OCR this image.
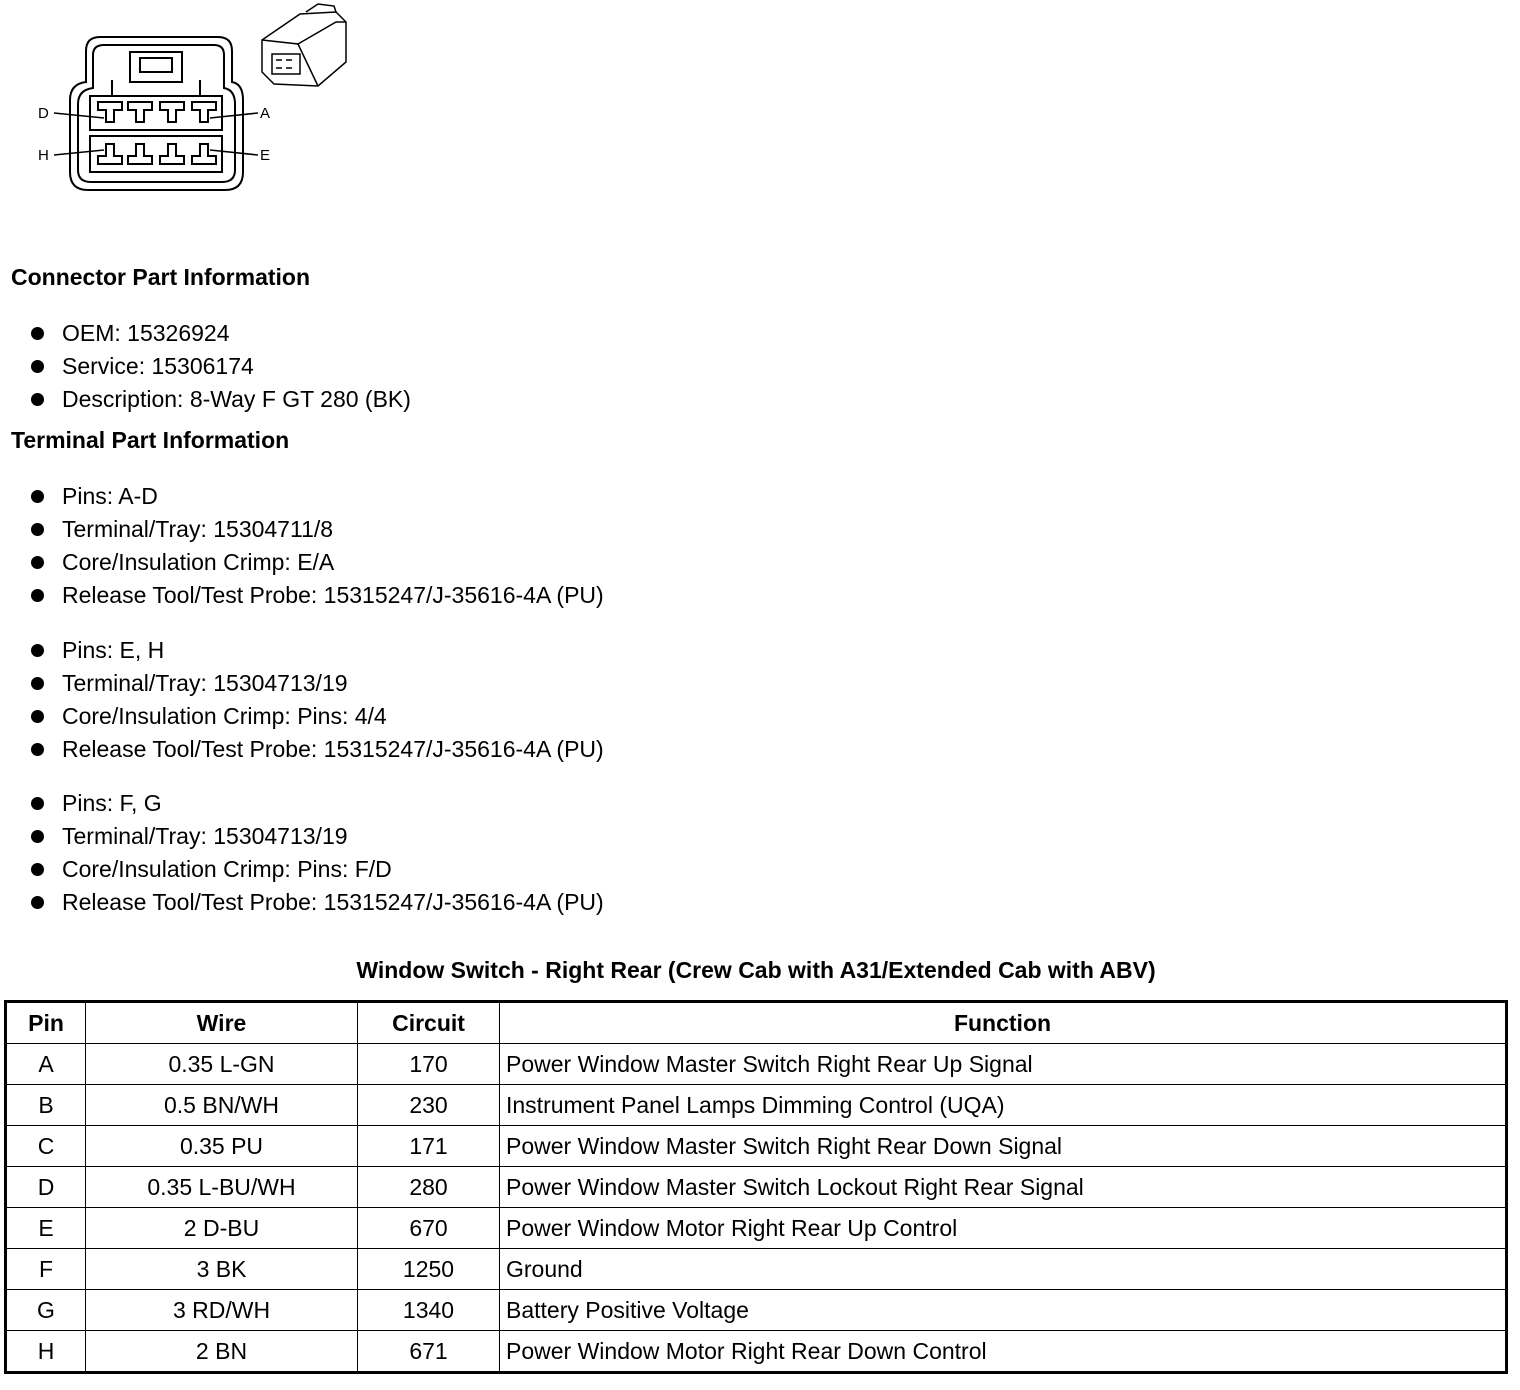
D	A
H	E
Connector Part Information
OEM: 15326924
Service: 15306174
Description: 8-Way F GT 280 (BK)
Terminal Part Information
Pins: A-D
Terminal/Tray: 15304711/8
Core/Insulation Crimp: E/A
Release Tool/Test Probe: 15315247/J-35616-4A (PU)
Pins: E, H
Terminal/Tray: 15304713/19
Core/Insulation Crimp: Pins: 4/4
Release Tool/Test Probe: 15315247/J-35616-4A (PU)
Pins: F, G
Terminal/Tray: 15304713/19
Core/Insulation Crimp: Pins: F/D
Release Tool/Test Probe: 15315247/J-35616-4A (PU)
Window Switch - Right Rear (Crew Cab with A31/Extended Cab with ABV)
Pin	Wire	Circuit	Function
A	0.35 L-GN	170	Power Window Master Switch Right Rear Up Signal
B	0.5 BN/WH	230	Instrument Panel Lamps Dimming Control (UQA)
C	0.35 PU	171	Power Window Master Switch Right Rear Down Signal
D	0.35 L-BU/WH	280	Power Window Master Switch Lockout Right Rear Signal
E	2 D-BU	670	Power Window Motor Right Rear Up Control
F	3 BK	1250	Ground
G	3 RD/WH	1340	Battery Positive Voltage
H	2 BN	671	Power Window Motor Right Rear Down Control
